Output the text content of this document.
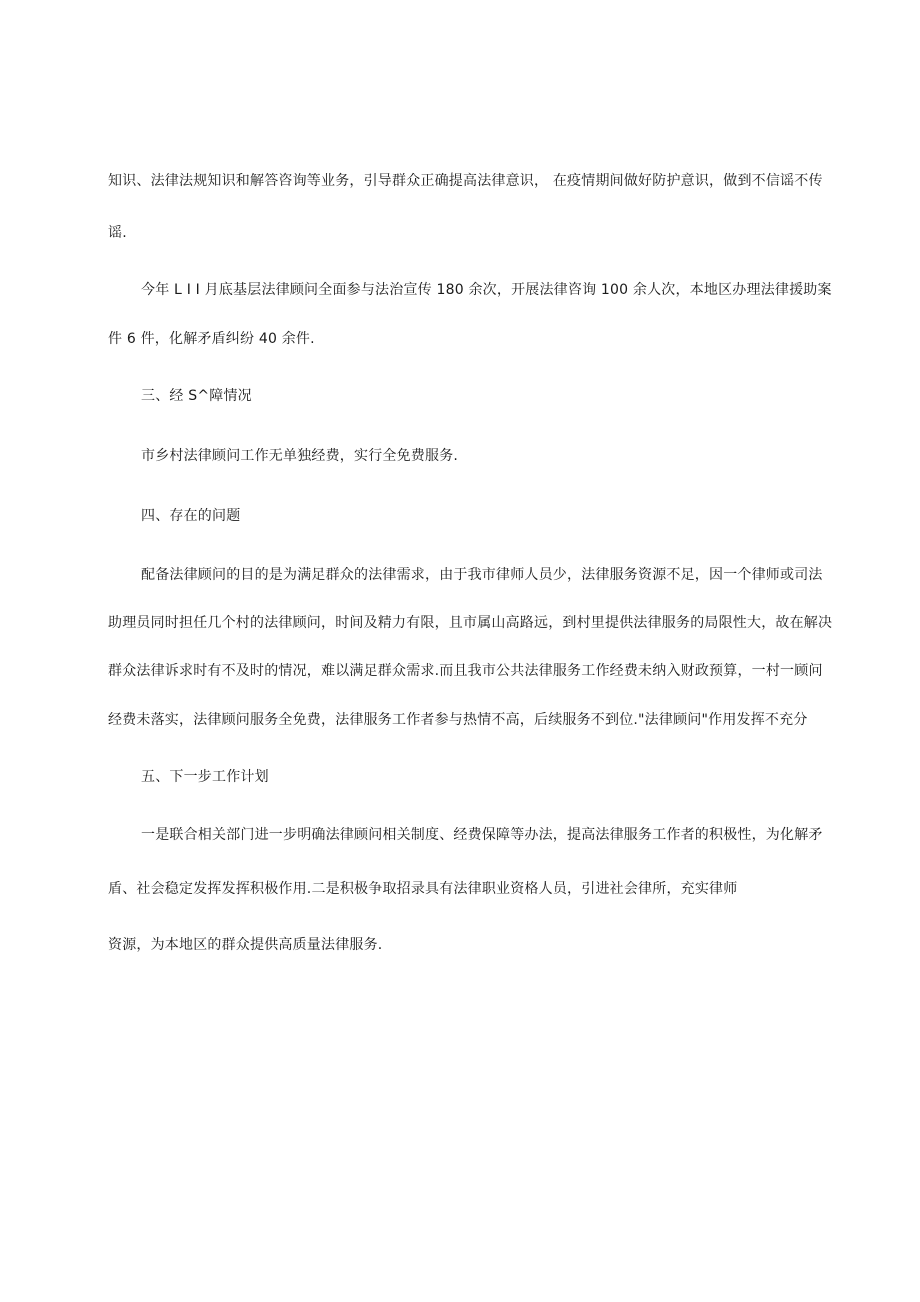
知识、法律法规知识和解答咨询等业务，引导群众正确提高法律意识， 在疫情期间做好防护意识，做到不信谣不传
谣.
今年 L I I 月底基层法律顾问全面参与法治宣传 180 余次，开展法律咨询 100 余人次，本地区办理法律援助案
件 6 件，化解矛盾纠纷 40 余件.
三、经 S^障情况
市乡村法律顾问工作无单独经费，实行全免费服务.
四、存在的问题
配备法律顾问的目的是为满足群众的法律需求，由于我市律师人员少，法律服务资源不足，因一个律师或司法
助理员同时担任几个村的法律顾问，时间及精力有限，且市属山高路远，到村里提供法律服务的局限性大，故在解决
群众法律诉求时有不及时的情况，难以满足群众需求.而且我市公共法律服务工作经费未纳入财政预算，一村一顾问
经费未落实，法律顾问服务全免费，法律服务工作者参与热情不高，后续服务不到位."法律顾问"作用发挥不充分
五、下一步工作计划
一是联合相关部门进一步明确法律顾问相关制度、经费保障等办法，提高法律服务工作者的积极性，为化解矛
盾、社会稳定发挥发挥积极作用.二是积极争取招录具有法律职业资格人员，引进社会律所，充实律师
资源，为本地区的群众提供高质量法律服务.
